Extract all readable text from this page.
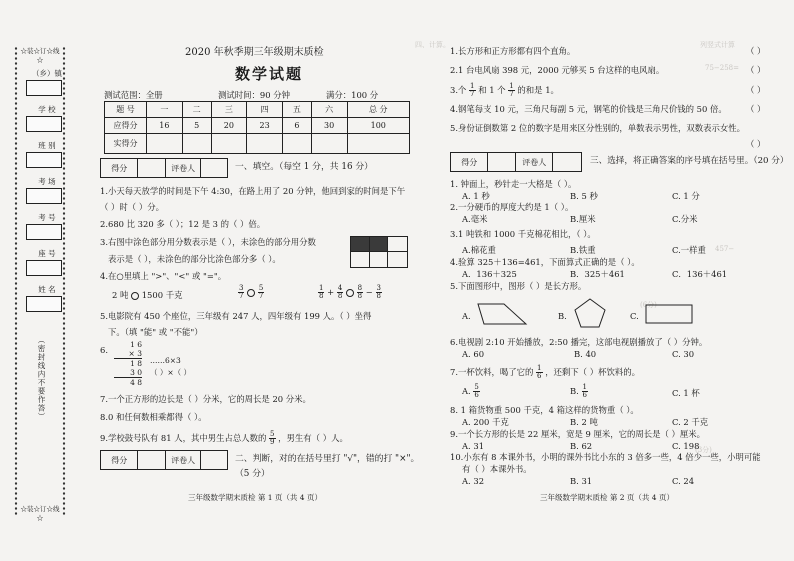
四、计算。	列竖式计算
75−258=
457−
(6分)
(3分)
☆装☆订☆线☆
（乡）镇
学 校
班 别
考 场
考 号
座 号
姓 名
（密封线内不要作答）
☆装☆订☆线☆
2020 年秋季期三年级期末质检
数学试题
测试范围：全册	测试时间：90 分钟	满分：100 分
题 号	一	二	三	四	五	六	总 分
应得分	16	5	20	23	6	30	100
实得分							
得分	评卷人	一、填空。（每空 1 分，共 16 分）
1.小天每天放学的时间是下午 4:30，在路上用了 20 分钟，他回到家的时间是下午
（ ）时（ ）分。
2.680 比 320 多（ ）；12 是 3 的（ ）倍。
3.右图中涂色部分用分数表示是（ ），未涂色的部分用分数
表示是（ ），未涂色的部分比涂色部分多（ ）。
4.在○里填上 ">"、"<" 或 "="。
2 吨 1500 千克	$\frac{3}{7}$
$\frac{5}{7}$	$\frac{1}{8} + \frac{4}{8}$
$\frac{8}{8} - \frac{3}{8}$
5.电影院有 450 个座位，三年级有 247 人，四年级有 199 人。（ ）坐得
下。（填 "能" 或 "不能"）
6.
1 6
× 3
1 8
3 0
4 8
……6×3
（ ）×（ ）
7.一个正方形的边长是（ ）分米，它的周长是 20 分米。
8.0 和任何数相乘都得（ ）。
9.学校鼓号队有 81 人，其中男生占总人数的 $\frac{5}{9}$ ，男生有（ ）人。
得分	评卷人	二、判断，对的在括号里打 "√"，错的打 "×"。
（5 分）
三年级数学期末质检 第 1 页（共 4 页）
1.长方形和正方形都有四个直角。	（ ）
2.1 台电风扇 398 元，2000 元够买 5 台这样的电风扇。	（ ）
3.个 $\frac{1}{7}$ 和 1 个 $\frac{1}{7}$ 的和是 1。	（ ）
4.钢笔每支 10 元，三角尺每副 5 元，钢笔的价钱是三角尺价钱的 50 倍。 （ ）
5.身份证倒数第 2 位的数字是用来区分性别的，单数表示男性，双数表示女性。
（ ）
得分	评卷人	三、选择，将正确答案的序号填在括号里。（20 分）
1. 钟面上，秒针走一大格是（ ）。
A. 1 秒	B. 5 秒	C. 1 分
2.一分硬币的厚度大约是 1（ ）。
A.毫米	B.厘米	C.分米
3.1 吨铁和 1000 千克棉花相比，（ ）。
A.棉花重	B.铁重	C.一样重
4.验算 325＋136=461，下面算式正确的是（ ）。
A．136＋325	B．325＋461	C．136＋461
5.下面图形中，图形（ ）是长方形。
A.	B.	C.
6.电视剧 2:10 开始播放，2:50 播完，这部电视剧播放了（ ）分钟。
A. 60	B. 40	C. 30
7.一杯饮料，喝了它的 $\frac{1}{6}$ ，还剩下（ ）杯饮料的。
A. $\frac{5}{6}$	B. $\frac{1}{6}$	C. 1 杯
8. 1 箱货物重 500 千克，4 箱这样的货物重（ ）。
A. 200 千克	B. 2 吨	C. 2 千克
9.一个长方形的长是 22 厘米，宽是 9 厘米，它的周长是（ ）厘米。
A. 31	B. 62	C. 198
10.小东有 8 本课外书，小明的课外书比小东的 3 倍多一些，4 倍少一些，小明可能
有（ ）本课外书。
A. 32	B. 31	C. 24
三年级数学期末质检 第 2 页（共 4 页）
